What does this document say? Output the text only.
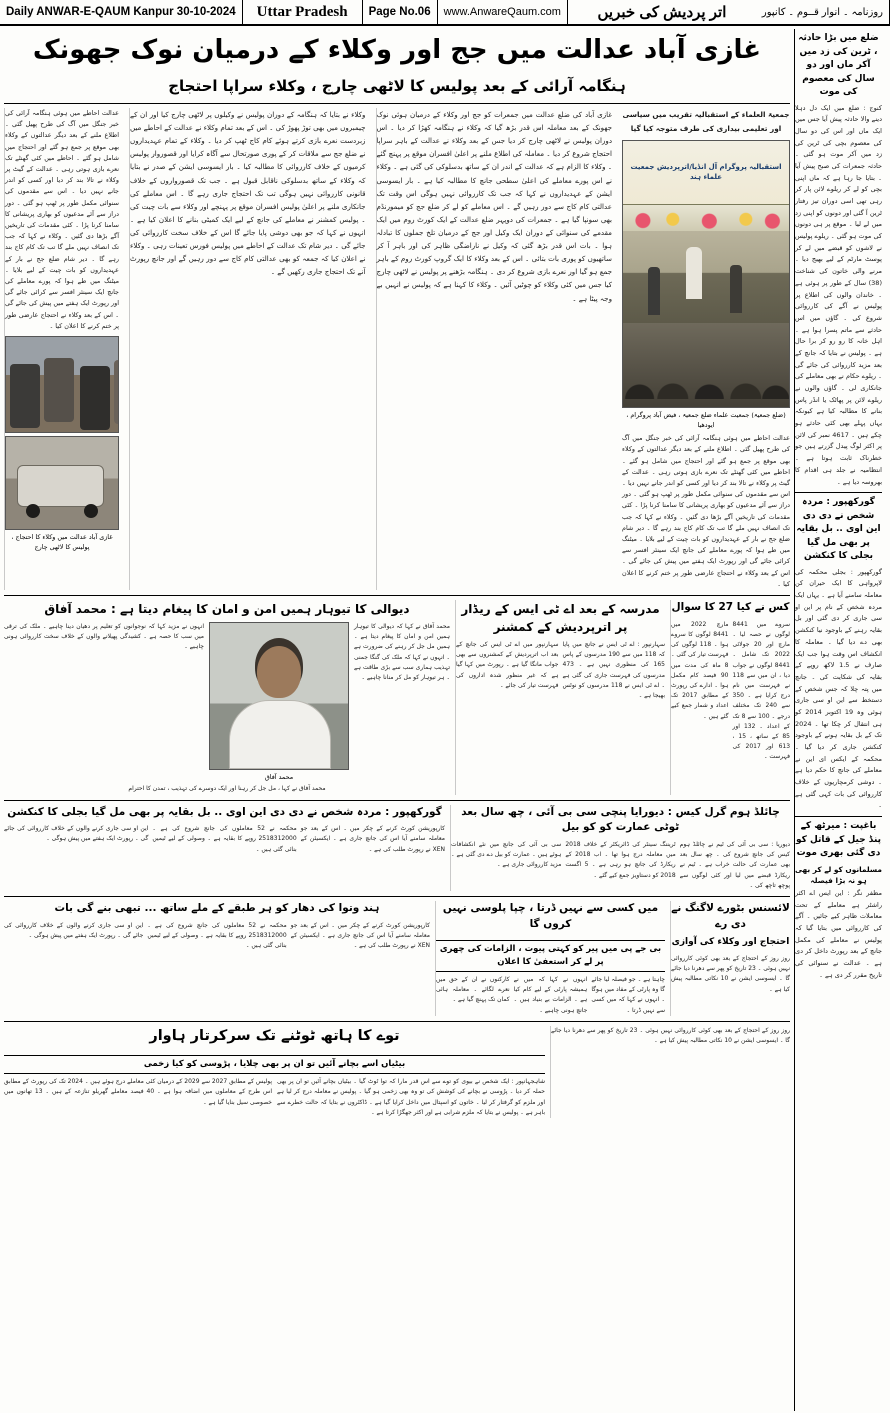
Daily ANWAR-E-QAUM Kanpur 30-10-2024	Uttar Pradesh	Page No.06	www.AnwareQaum.com	اتر پردیش کی خبریں	روزنامہ ۔ انوار قــوم ۔ کانپور
ضلع میں بڑا حادثہ ، ٹرین کی زد میں آکر ماں اور دو سال کی معصوم کی موت
کنوج : ضلع میں ایک دل دہلا دینے والا حادثہ پیش آیا جس میں ایک ماں اور اس کی دو سال کی معصوم بچی کی ٹرین کی زد میں آکر موت ہو گئی ۔ حادثہ جمعرات کی صبح پیش آیا ۔ بتایا جا رہا ہے کہ ماں اپنی بچی کو لے کر ریلوے لائن پار کر رہی تھی اسی دوران تیز رفتار ٹرین آ گئی اور دونوں کو اپنی زد میں لے لیا ۔ موقع پر ہی دونوں کی موت ہو گئی ۔ ریلوے پولیس نے لاشوں کو قبضے میں لے کر پوسٹ مارٹم کے لیے بھیج دیا ۔ مرنے والی خاتون کی شناخت (38) سال کے طور پر ہوئی ہے ۔ خاندان والوں کی اطلاع پر پولیس نے آگے کی کارروائی شروع کی ۔ گاؤں میں اس حادثے سے ماتم پسرا ہوا ہے ۔ اہل خانہ کا رو رو کر برا حال ہے ۔ پولیس نے بتایا کہ جانچ کے بعد مزید کارروائی کی جائے گی ۔ ریلوے حکام نے بھی معاملے کی جانکاری لی ۔ گاؤں والوں نے ریلوے لائن پر پھاٹک یا انڈر پاس بنانے کا مطالبہ کیا ہے کیونکہ یہاں پہلے بھی کئی حادثے ہو چکے ہیں ۔ 4617 نمبر کی لائن پر اکثر لوگ پیدل گزرتے ہیں جو خطرناک ثابت ہوتا ہے ۔ انتظامیہ نے جلد ہی اقدام کا بھروسہ دیا ہے ۔
گورکھپور : مردہ شخص نے دی دی این اوی .. بل بقایہ پر بھی مل گیا بجلی کا کنکشن
گورکھپور : بجلی محکمہ کی لاپرواہی کا ایک حیران کن معاملہ سامنے آیا ہے ۔ یہاں ایک مردہ شخص کے نام پر این او سی جاری کر دی گئی اور بل بقایہ رہنے کے باوجود نیا کنکشن بھی دے دیا گیا ۔ معاملہ کا انکشاف اس وقت ہوا جب ایک صارف نے 1.5 لاکھ روپے کے بقایہ کی شکایت کی ۔ جانچ میں پتہ چلا کہ جس شخص کے دستخط سے این او سی جاری ہوئی وہ 19 اکتوبر 2014 کو ہی انتقال کر چکا تھا ۔ 2024 تک کے بل بقایہ ہونے کے باوجود کنکشن جاری کر دیا گیا ۔ محکمہ کے ایکس ای این نے معاملے کی جانچ کا حکم دیا ہے ۔ دوشی کرمچاریوں کے خلاف کارروائی کی بات کہی گئی ہے ۔
باغپت : میرٹھ کے پنڈ جیل کے قاتل کو دی گئی بھری موت
مسلمانوں کو لے کر بھی ہو نہ بڑا فیصلہ
مظفر نگر : این ایس اے اکثر راشٹر ہے معاملے کے تحت معاملات ظاہر کیے جائیں ۔ آگے کی کارروائی میں بتایا گیا کہ پولیس نے معاملے کی مکمل جانچ کے بعد رپورٹ داخل کر دی ہے ۔ عدالت نے سنوائی کی تاریخ مقرر کر دی ہے ۔
غازی آباد عدالت میں جج اور وکلاء کے درمیان نوک جھونک
ہنگامہ آرائی کے بعد پولیس کا لاٹھی چارج ، وکلاء سراپا احتجاج
جمعیۃ العلماء کے استقبالیہ تقریب میں سیاسی اور تعلیمی بیداری کی طرف متوجہ کیا گیا
استقبالیہ پروگرام آل انڈیا/اترپردیش جمعیت علماء ہند
(ضلع جمعیۃ) جمعیت علماء ضلع جمعیۃ ، فیض آباد پروگرام ، ایودھیا
عدالت احاطے میں ہوئی ہنگامہ آرائی کی خبر جنگل میں آگ کی طرح پھیل گئی ۔ اطلاع ملنے کے بعد دیگر عدالتوں کے وکلاء بھی موقع پر جمع ہو گئے اور احتجاج میں شامل ہو گئے ۔ احاطے میں کئی گھنٹے تک نعرے بازی ہوتی رہی ۔ عدالت کے گیٹ پر وکلاء نے تالا بند کر دیا اور کسی کو اندر جانے نہیں دیا ۔ اس سے مقدموں کی سنوائی مکمل طور پر ٹھپ ہو گئی ۔ دور دراز سے آئے مدعیوں کو بھاری پریشانی کا سامنا کرنا پڑا ۔ کئی مقدمات کی تاریخیں آگے بڑھا دی گئیں ۔ وکلاء نے کہا کہ جب تک انصاف نہیں ملے گا تب تک کام کاج بند رہے گا ۔ دیر شام ضلع جج نے بار کے عہدیداروں کو بات چیت کے لیے بلایا ۔ میٹنگ میں طے ہوا کہ پورے معاملے کی جانچ ایک سینئر افسر سے کرائی جائے گی اور رپورٹ ایک ہفتے میں پیش کی جائے گی ۔ اس کے بعد وکلاء نے احتجاج عارضی طور پر ختم کرنے کا اعلان کیا ۔
غازی آباد کی ضلع عدالت میں جمعرات کو جج اور وکلاء کے درمیان ہوئی نوک جھونک کے بعد معاملہ اس قدر بڑھ گیا کہ وکلاء نے ہنگامہ کھڑا کر دیا ۔ اس دوران پولیس نے لاٹھی چارج کر دیا جس کے بعد وکلاء نے عدالت کے باہر سراپا احتجاج شروع کر دیا ۔ معاملہ کی اطلاع ملنے پر اعلیٰ افسران موقع پر پہنچ گئے ۔ وکلاء کا الزام ہے کہ عدالت کے اندر ان کے ساتھ بدسلوکی کی گئی ہے ۔ وکلاء نے اس پورے معاملے کی اعلیٰ سطحی جانچ کا مطالبہ کیا ہے ۔ بار ایسوسی ایشن کے عہدیداروں نے کہا کہ جب تک کارروائی نہیں ہوگی اس وقت تک عدالتی کام کاج سے دور رہیں گے ۔ اس معاملے کو لے کر ضلع جج کو میمورنڈم بھی سونپا گیا ہے ۔ جمعرات کی دوپہر ضلع عدالت کے ایک کورٹ روم میں ایک مقدمے کی سنوائی کے دوران ایک وکیل اور جج کے درمیان تلخ جملوں کا تبادلہ ہوا ۔ بات اس قدر بڑھ گئی کہ وکیل نے ناراضگی ظاہر کی اور باہر آ کر ساتھیوں کو پوری بات بتائی ۔ اس کے بعد وکلاء کا ایک گروپ کورٹ روم کے باہر جمع ہو گیا اور نعرے بازی شروع کر دی ۔ ہنگامہ بڑھنے پر پولیس نے لاٹھی چارج کیا جس میں کئی وکلاء کو چوٹیں آئیں ۔ وکلاء کا کہنا ہے کہ پولیس نے انہیں بے وجہ پیٹا ہے ۔
وکلاء نے بتایا کہ ہنگامہ کے دوران پولیس نے وکیلوں پر لاٹھی چارج کیا اور ان کے چیمبروں میں بھی توڑ پھوڑ کی ۔ اس کے بعد تمام وکلاء نے عدالت کے احاطے میں زبردست نعرے بازی کرتے ہوئے کام کاج ٹھپ کر دیا ۔ وکلاء کے تمام عہدیداروں نے ضلع جج سے ملاقات کر کے پوری صورتحال سے آگاہ کرایا اور قصوروار پولیس کرمیوں کے خلاف کارروائی کا مطالبہ کیا ۔ بار ایسوسی ایشن کے صدر نے بتایا کہ وکلاء کے ساتھ بدسلوکی ناقابل قبول ہے ۔ جب تک قصورواروں کے خلاف قانونی کارروائی نہیں ہوگی تب تک احتجاج جاری رہے گا ۔ اس معاملے کی جانکاری ملنے پر اعلیٰ پولیس افسران موقع پر پہنچے اور وکلاء سے بات چیت کی ۔ پولیس کمشنر نے معاملے کی جانچ کے لیے ایک کمیٹی بنانے کا اعلان کیا ہے ۔ انہوں نے کہا کہ جو بھی دوشی پایا جائے گا اس کے خلاف سخت کارروائی کی جائے گی ۔ دیر شام تک عدالت کے احاطے میں پولیس فورس تعینات رہی ۔ وکلاء نے اعلان کیا کہ جمعہ کو بھی عدالتی کام کاج سے دور رہیں گے اور جانچ رپورٹ آنے تک احتجاج جاری رکھیں گے ۔
عدالت احاطے میں ہوئی ہنگامہ آرائی کی خبر جنگل میں آگ کی طرح پھیل گئی ۔ اطلاع ملنے کے بعد دیگر عدالتوں کے وکلاء بھی موقع پر جمع ہو گئے اور احتجاج میں شامل ہو گئے ۔ احاطے میں کئی گھنٹے تک نعرے بازی ہوتی رہی ۔ عدالت کے گیٹ پر وکلاء نے تالا بند کر دیا اور کسی کو اندر جانے نہیں دیا ۔ اس سے مقدموں کی سنوائی مکمل طور پر ٹھپ ہو گئی ۔ دور دراز سے آئے مدعیوں کو بھاری پریشانی کا سامنا کرنا پڑا ۔ کئی مقدمات کی تاریخیں آگے بڑھا دی گئیں ۔ وکلاء نے کہا کہ جب تک انصاف نہیں ملے گا تب تک کام کاج بند رہے گا ۔ دیر شام ضلع جج نے بار کے عہدیداروں کو بات چیت کے لیے بلایا ۔ میٹنگ میں طے ہوا کہ پورے معاملے کی جانچ ایک سینئر افسر سے کرائی جائے گی اور رپورٹ ایک ہفتے میں پیش کی جائے گی ۔ اس کے بعد وکلاء نے احتجاج عارضی طور پر ختم کرنے کا اعلان کیا ۔
غازی آباد عدالت میں وکلاء کا احتجاج ، پولیس کا لاٹھی چارج
کس نے کیا 27 کا سوال
سروے میں 8441 لوگوں نے حصہ لیا ۔ مارچ اور 20 جولائی 2022 تک شامل ۔ 8441 لوگوں نے جواب دیا ، ان میں سے 118 نے فہرست میں نام درج کرایا ہے ۔ 350 سے 240 تک مختلف درجے ۔ 100 سے 8 تک کے اعداد ۔ 132 اور 85 کے ساتھ ، 15 ، 613 اور 2017 کی فہرست ۔
مارچ 2022 میں 8441 لوگوں کا سروے ہوا ۔ 118 لوگوں کی فہرست تیار کی گئی ۔ 8 ماہ کی مدت میں 90 فیصد کام مکمل ہوا ۔ ادارے کی رپورٹ کے مطابق 2017 تک اعداد و شمار جمع کیے گئے ہیں ۔
مدرسہ کے بعد اے ٹی ایس کے ریڈار پر اترپردیش کے کمشنر
سہارنپور : اے ٹی ایس نے جانچ میں پایا کہ 118 میں سے 190 مدرسوں کے پاس 165 کی منظوری نہیں ہے ۔ 473 مدرسوں کی فہرست جاری کی گئی ہے ۔ اے ٹی ایس نے 118 مدرسوں کو نوٹس بھیجا ہے ۔
سہارنپور میں اے ٹی ایس کی جانچ کے بعد اب اترپردیش کے کمشنروں سے بھی جواب مانگا گیا ہے ۔ رپورٹ میں کہا گیا ہے کہ غیر منظور شدہ اداروں کی فہرست تیار کی جائے ۔
دیوالی کا تیوہار ہمیں امن و امان کا پیغام دیتا ہے : محمد آفاق
محمد آفاق نے کہا کہ دیوالی کا تیوہار ہمیں امن و امان کا پیغام دیتا ہے ۔ ہمیں مل جل کر رہنے کی ضرورت ہے ۔ انہوں نے کہا کہ ملک کی گنگا جمنی تہذیب ہماری سب سے بڑی طاقت ہے ۔ ہر تیوہار کو مل کر منانا چاہیے ۔
محمد آفاق
انہوں نے مزید کہا کہ نوجوانوں کو تعلیم پر دھیان دینا چاہیے ۔ ملک کی ترقی میں سب کا حصہ ہے ۔ کشیدگی پھیلانے والوں کے خلاف سخت کارروائی ہونی چاہیے ۔
محمد آفاق نے کہا ، مل جل کر رہنا اور ایک دوسرے کی تہذیب ، تمدن کا احترام
چائلڈ ہوم گرل کیس : دیورایا پنچی سی بی آئی ، چھ سال بعد ٹوٹی عمارت کو کو بیل
دیوریا : سی بی آئی کی ٹیم نے چائلڈ ہوم کیس کی جانچ شروع کی ۔ چھ سال بعد بھی عمارت کی حالت خراب ہے ۔ ٹیم نے ریکارڈ قبضے میں لیا اور کئی لوگوں سے پوچھ تاچھ کی ۔
ٹریننگ سینٹر کی ڈائریکٹر کے خلاف 2018 میں معاملہ درج ہوا تھا ۔ اب 2018 کے ریکارڈ کی جانچ ہو رہی ہے ۔ 5 اگست 2018 کو دستاویز جمع کیے گئے ۔
سی بی آئی کی جانچ میں نئے انکشافات ہوئے ہیں ۔ عمارت کو بیل دے دی گئی ہے ۔ مزید کارروائی جاری ہے ۔
گورکھپور : مردہ شخص نے دی دی این اوی .. بل بقایہ پر بھی مل گیا بجلی کا کنکشن
کارپوریشن کورٹ کرنے کے چکر میں ۔ اس کے بعد جو معاملہ سامنے آیا اس کی جانچ جاری ہے ۔ ایکسیئن کے XEN نے رپورٹ طلب کی ہے ۔
محکمہ نے 52 معاملوں کی جانچ شروع کی ہے ۔ 2518312000 روپے کا بقایہ ہے ۔ وصولی کے لیے ٹیمیں بنائی گئی ہیں ۔
این او سی جاری کرنے والوں کے خلاف کارروائی کی جائے گی ۔ رپورٹ ایک ہفتے میں پیش ہوگی ۔
لائسنس بٹورے لاگنگ نے دی رے
احتجاج اور وکلاء کی آوازی
روز روز کے احتجاج کے بعد بھی کوئی کارروائی نہیں ہوئی ۔ 23 تاریخ کو پھر سے دھرنا دیا جائے گا ۔ ایسوسی ایشن نے 10 نکاتی مطالبہ پیش کیا ہے ۔
میں کسی سے نہیں ڈرتا ، چپا پلوسی نہیں کروں گا
بی جے پی میں پیر کو کہتی پیوت ، الزامات کی چھری پر لے کر استعفیٰ کا اعلان
چاہتا ہے ۔ جو فیصلہ لیا جائے گا وہ پارٹی کے مفاد میں ہوگا ۔ انہوں نے کہا کہ میں کسی سے نہیں ڈرتا ۔
انہوں نے کہا کہ میں نے ہمیشہ پارٹی کے لیے کام کیا ہے ۔ الزامات بے بنیاد ہیں ۔ جانچ ہونی چاہیے ۔
کارکنوں نے ان کے حق میں نعرے لگائے ۔ معاملہ ہائی کمان تک پہنچ گیا ہے ۔
ہند وتوا کی دھار کو ہر طبقے کے ملے ساتھ ... تبھی بنے گی بات
کارپوریشن کورٹ کرنے کے چکر میں ۔ اس کے بعد جو معاملہ سامنے آیا اس کی جانچ جاری ہے ۔ ایکسیئن کے XEN نے رپورٹ طلب کی ہے ۔
محکمہ نے 52 معاملوں کی جانچ شروع کی ہے ۔ 2518312000 روپے کا بقایہ ہے ۔ وصولی کے لیے ٹیمیں بنائی گئی ہیں ۔
این او سی جاری کرنے والوں کے خلاف کارروائی کی جائے گی ۔ رپورٹ ایک ہفتے میں پیش ہوگی ۔
روز روز کے احتجاج کے بعد بھی کوئی کارروائی نہیں ہوئی ۔ 23 تاریخ کو پھر سے دھرنا دیا جائے گا ۔ ایسوسی ایشن نے 10 نکاتی مطالبہ پیش کیا ہے ۔
توے کا ہاتھ ٹوٹنے تک سرکرتار ہاوار
بیٹیاں اسے بچانے آئیں تو ان پر بھی چلایا ، پڑوسی کو کیا زخمی
شاہجہانپور : ایک شخص نے بیوی کو توے سے اس قدر مارا کہ توا ٹوٹ گیا ۔ بیٹیاں بچانے آئیں تو ان پر بھی حملہ کر دیا ۔ پڑوسی نے بچانے کی کوشش کی تو وہ بھی زخمی ہو گیا ۔ پولیس نے معاملہ درج کر لیا ہے اور ملزم کو گرفتار کر لیا ۔ خاتون کو اسپتال میں داخل کرایا گیا ہے ۔ ڈاکٹروں نے بتایا کہ حالت خطرے سے باہر ہے ۔ پولیس نے بتایا کہ ملزم شرابی ہے اور اکثر جھگڑا کرتا ہے ۔
پولیس کے مطابق 2027 سے 2029 کے درمیان کئی معاملے درج ہوئے ہیں ۔ 2024 تک کی رپورٹ کے مطابق اس طرح کے معاملوں میں اضافہ ہوا ہے ۔ 40 فیصد معاملے گھریلو تنازعہ کے ہیں ۔ 13 تھانوں میں خصوصی سیل بنایا گیا ہے ۔
